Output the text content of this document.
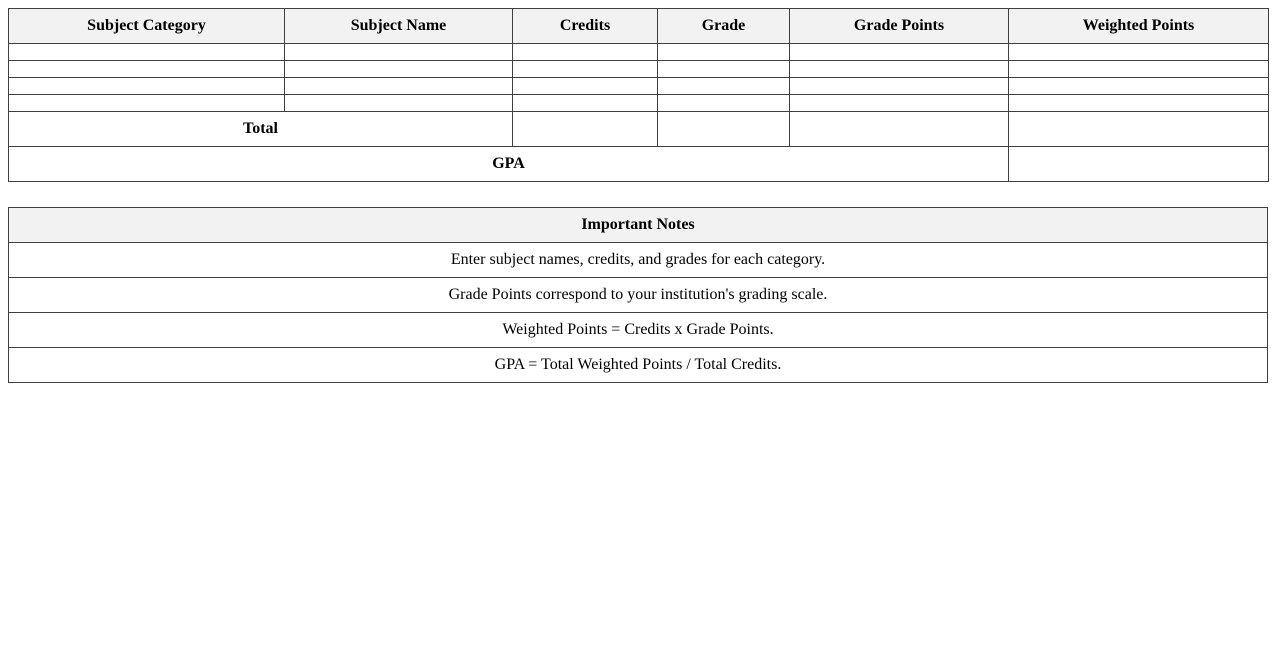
Subject Category	Subject Name	Credits	Grade	Grade Points	Weighted Points

Total					
GPA					
Important Notes
Enter subject names, credits, and grades for each category.
Grade Points correspond to your institution's grading scale.
Weighted Points = Credits x Grade Points.
GPA = Total Weighted Points / Total Credits.
